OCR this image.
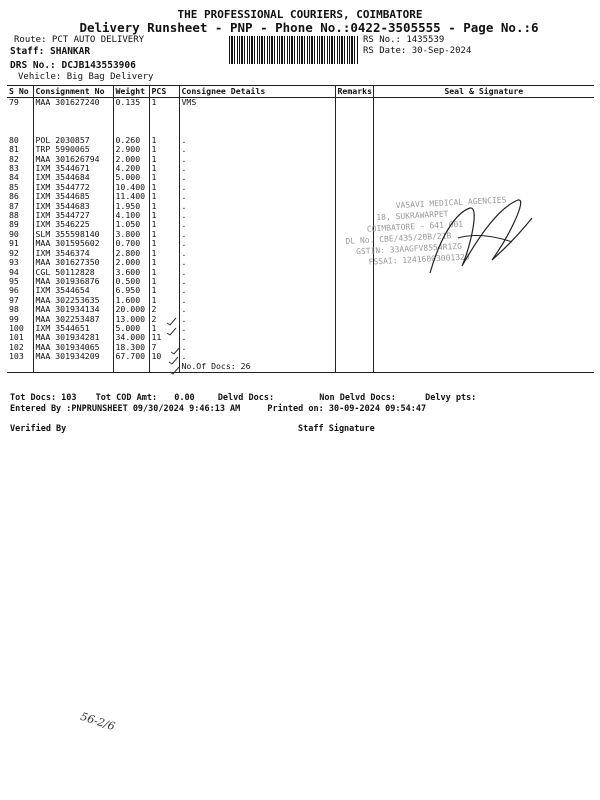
THE PROFESSIONAL COURIERS, COIMBATORE
Delivery Runsheet - PNP - Phone No.:0422-3505555 - Page No.:6
Route: PCT AUTO DELIVERY
Staff: SHANKAR
DRS No.: DCJB143553906
Vehicle: Big Bag Delivery
RS No.: 1435539
RS Date: 30-Sep-2024
S No	Consignment No	Weight	PCS	Consignee Details	Remarks	Seal & Signature
79	MAA 301627240	0.135	1	VMS		

80	POL 2030857	0.260	1	.		
81	TRP 5990065	2.900	1	.		
82	MAA 301626794	2.000	1	.		
83	IXM 3544671	4.200	1	.		
84	IXM 3544684	5.000	1	.		
85	IXM 3544772	10.400	1	.		
86	IXM 3544685	11.400	1	.		
87	IXM 3544683	1.950	1	.		
88	IXM 3544727	4.100	1	.		
89	IXM 3546225	1.050	1	.		
90	SLM 355598140	3.800	1	.		
91	MAA 301595602	0.700	1	.		
92	IXM 3546374	2.800	1	.		
93	MAA 301627350	2.000	1	.		
94	CGL 50112828	3.600	1	.		
95	MAA 301936876	0.500	1	.		
96	IXM 3544654	6.950	1	.		
97	MAA 302253635	1.600	1	.		
98	MAA 301934134	20.000	2	.		
99	MAA 302253487	13.000	2	.		
100	IXM 3544651	5.000	1	.		
101	MAA 301934281	34.000	11	.		
102	MAA 301934065	18.300	7	.		
103	MAA 301934209	67.700	10	.		
				No.Of Docs: 26		
VASAVI MEDICAL AGENCIES
18, SUKRAWARPET
COIMBATORE - 641 001
DL No. CBE/435/20B/21B
GSTIN: 33AAGFV8554R1ZG
FSSAI: 12416003001320
Tot Docs: 103 Tot COD Amt: 0.00	Delvd Docs:	Non Delvd Docs:	Delvy pts:
Entered By :PNPRUNSHEET 09/30/2024 9:46:13 AM	Printed on: 30-09-2024 09:54:47
Verified By	Staff Signature
56-2/6
